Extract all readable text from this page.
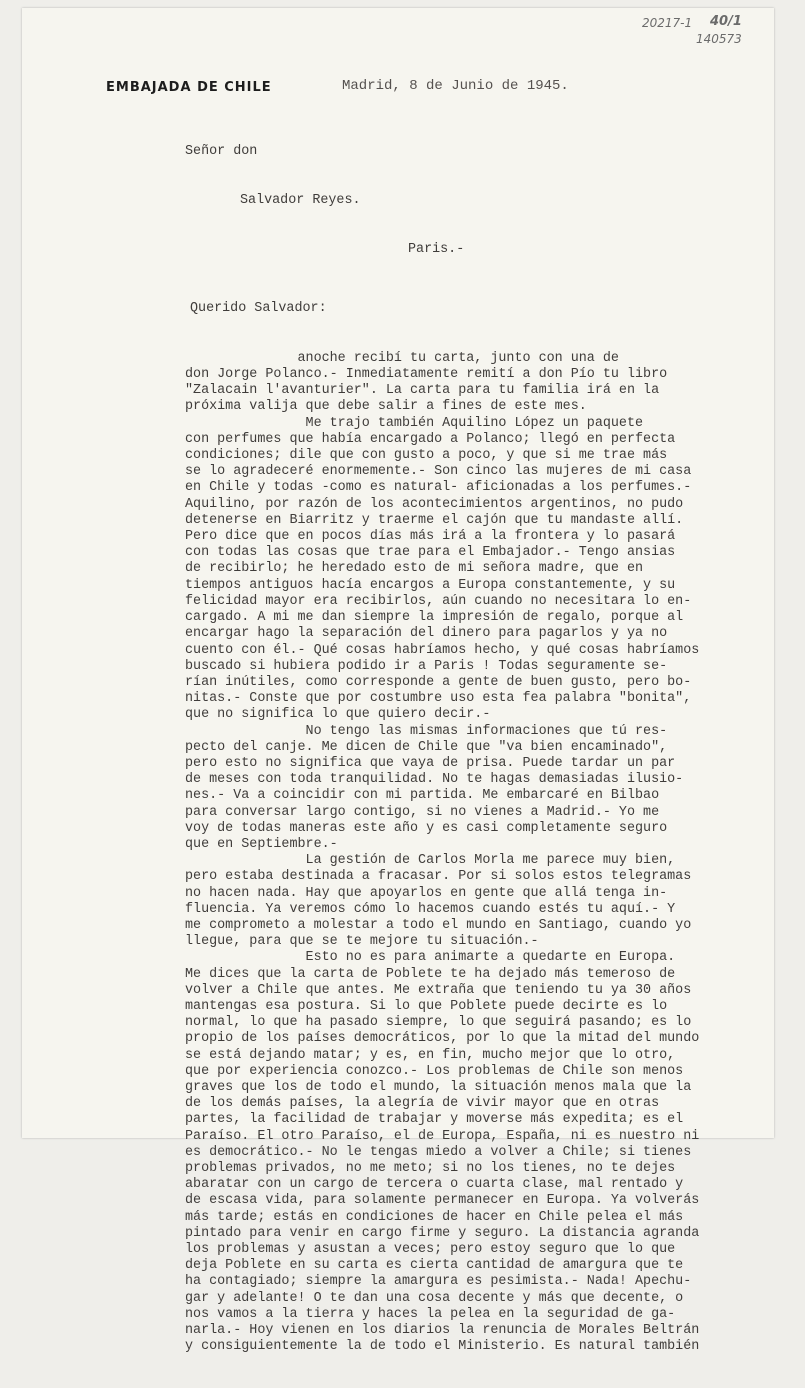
20217-1 40/1
140573
EMBAJADA DE CHILE	Madrid, 8 de Junio de 1945.

Señor don

Salvador Reyes.

Paris.-

Querido Salvador:

anoche recibí tu carta, junto con una de
don Jorge Polanco.- Inmediatamente remití a don Pío tu libro
"Zalacain l'avanturier". La carta para tu familia irá en la
próxima valija que debe salir a fines de este mes.
Me trajo también Aquilino López un paquete
con perfumes que había encargado a Polanco; llegó en perfecta
condiciones; dile que con gusto a poco, y que si me trae más
se lo agradeceré enormemente.- Son cinco las mujeres de mi casa
en Chile y todas -como es natural- aficionadas a los perfumes.-
Aquilino, por razón de los acontecimientos argentinos, no pudo
detenerse en Biarritz y traerme el cajón que tu mandaste allí.
Pero dice que en pocos días más irá a la frontera y lo pasará
con todas las cosas que trae para el Embajador.- Tengo ansias
de recibirlo; he heredado esto de mi señora madre, que en
tiempos antiguos hacía encargos a Europa constantemente, y su
felicidad mayor era recibirlos, aún cuando no necesitara lo en-
cargado. A mi me dan siempre la impresión de regalo, porque al
encargar hago la separación del dinero para pagarlos y ya no
cuento con él.- Qué cosas habríamos hecho, y qué cosas habríamos
buscado si hubiera podido ir a Paris ! Todas seguramente se-
rían inútiles, como corresponde a gente de buen gusto, pero bo-
nitas.- Conste que por costumbre uso esta fea palabra "bonita",
que no significa lo que quiero decir.-
No tengo las mismas informaciones que tú res-
pecto del canje. Me dicen de Chile que "va bien encaminado",
pero esto no significa que vaya de prisa. Puede tardar un par
de meses con toda tranquilidad. No te hagas demasiadas ilusio-
nes.- Va a coincidir con mi partida. Me embarcaré en Bilbao
para conversar largo contigo, si no vienes a Madrid.- Yo me
voy de todas maneras este año y es casi completamente seguro
que en Septiembre.-
La gestión de Carlos Morla me parece muy bien,
pero estaba destinada a fracasar. Por si solos estos telegramas
no hacen nada. Hay que apoyarlos en gente que allá tenga in-
fluencia. Ya veremos cómo lo hacemos cuando estés tu aquí.- Y
me comprometo a molestar a todo el mundo en Santiago, cuando yo
llegue, para que se te mejore tu situación.-
Esto no es para animarte a quedarte en Europa.
Me dices que la carta de Poblete te ha dejado más temeroso de
volver a Chile que antes. Me extraña que teniendo tu ya 30 años
mantengas esa postura. Si lo que Poblete puede decirte es lo
normal, lo que ha pasado siempre, lo que seguirá pasando; es lo
propio de los países democráticos, por lo que la mitad del mundo
se está dejando matar; y es, en fin, mucho mejor que lo otro,
que por experiencia conozco.- Los problemas de Chile son menos
graves que los de todo el mundo, la situación menos mala que la
de los demás países, la alegría de vivir mayor que en otras
partes, la facilidad de trabajar y moverse más expedita; es el
Paraíso. El otro Paraíso, el de Europa, España, ni es nuestro ni
es democrático.- No le tengas miedo a volver a Chile; si tienes
problemas privados, no me meto; si no los tienes, no te dejes
abaratar con un cargo de tercera o cuarta clase, mal rentado y
de escasa vida, para solamente permanecer en Europa. Ya volverás
más tarde; estás en condiciones de hacer en Chile pelea el más
pintado para venir en cargo firme y seguro. La distancia agranda
los problemas y asustan a veces; pero estoy seguro que lo que
deja Poblete en su carta es cierta cantidad de amargura que te
ha contagiado; siempre la amargura es pesimista.- Nada! Apechu-
gar y adelante! O te dan una cosa decente y más que decente, o
nos vamos a la tierra y haces la pelea en la seguridad de ga-
narla.- Hoy vienen en los diarios la renuncia de Morales Beltrán
y consiguientemente la de todo el Ministerio. Es natural también
